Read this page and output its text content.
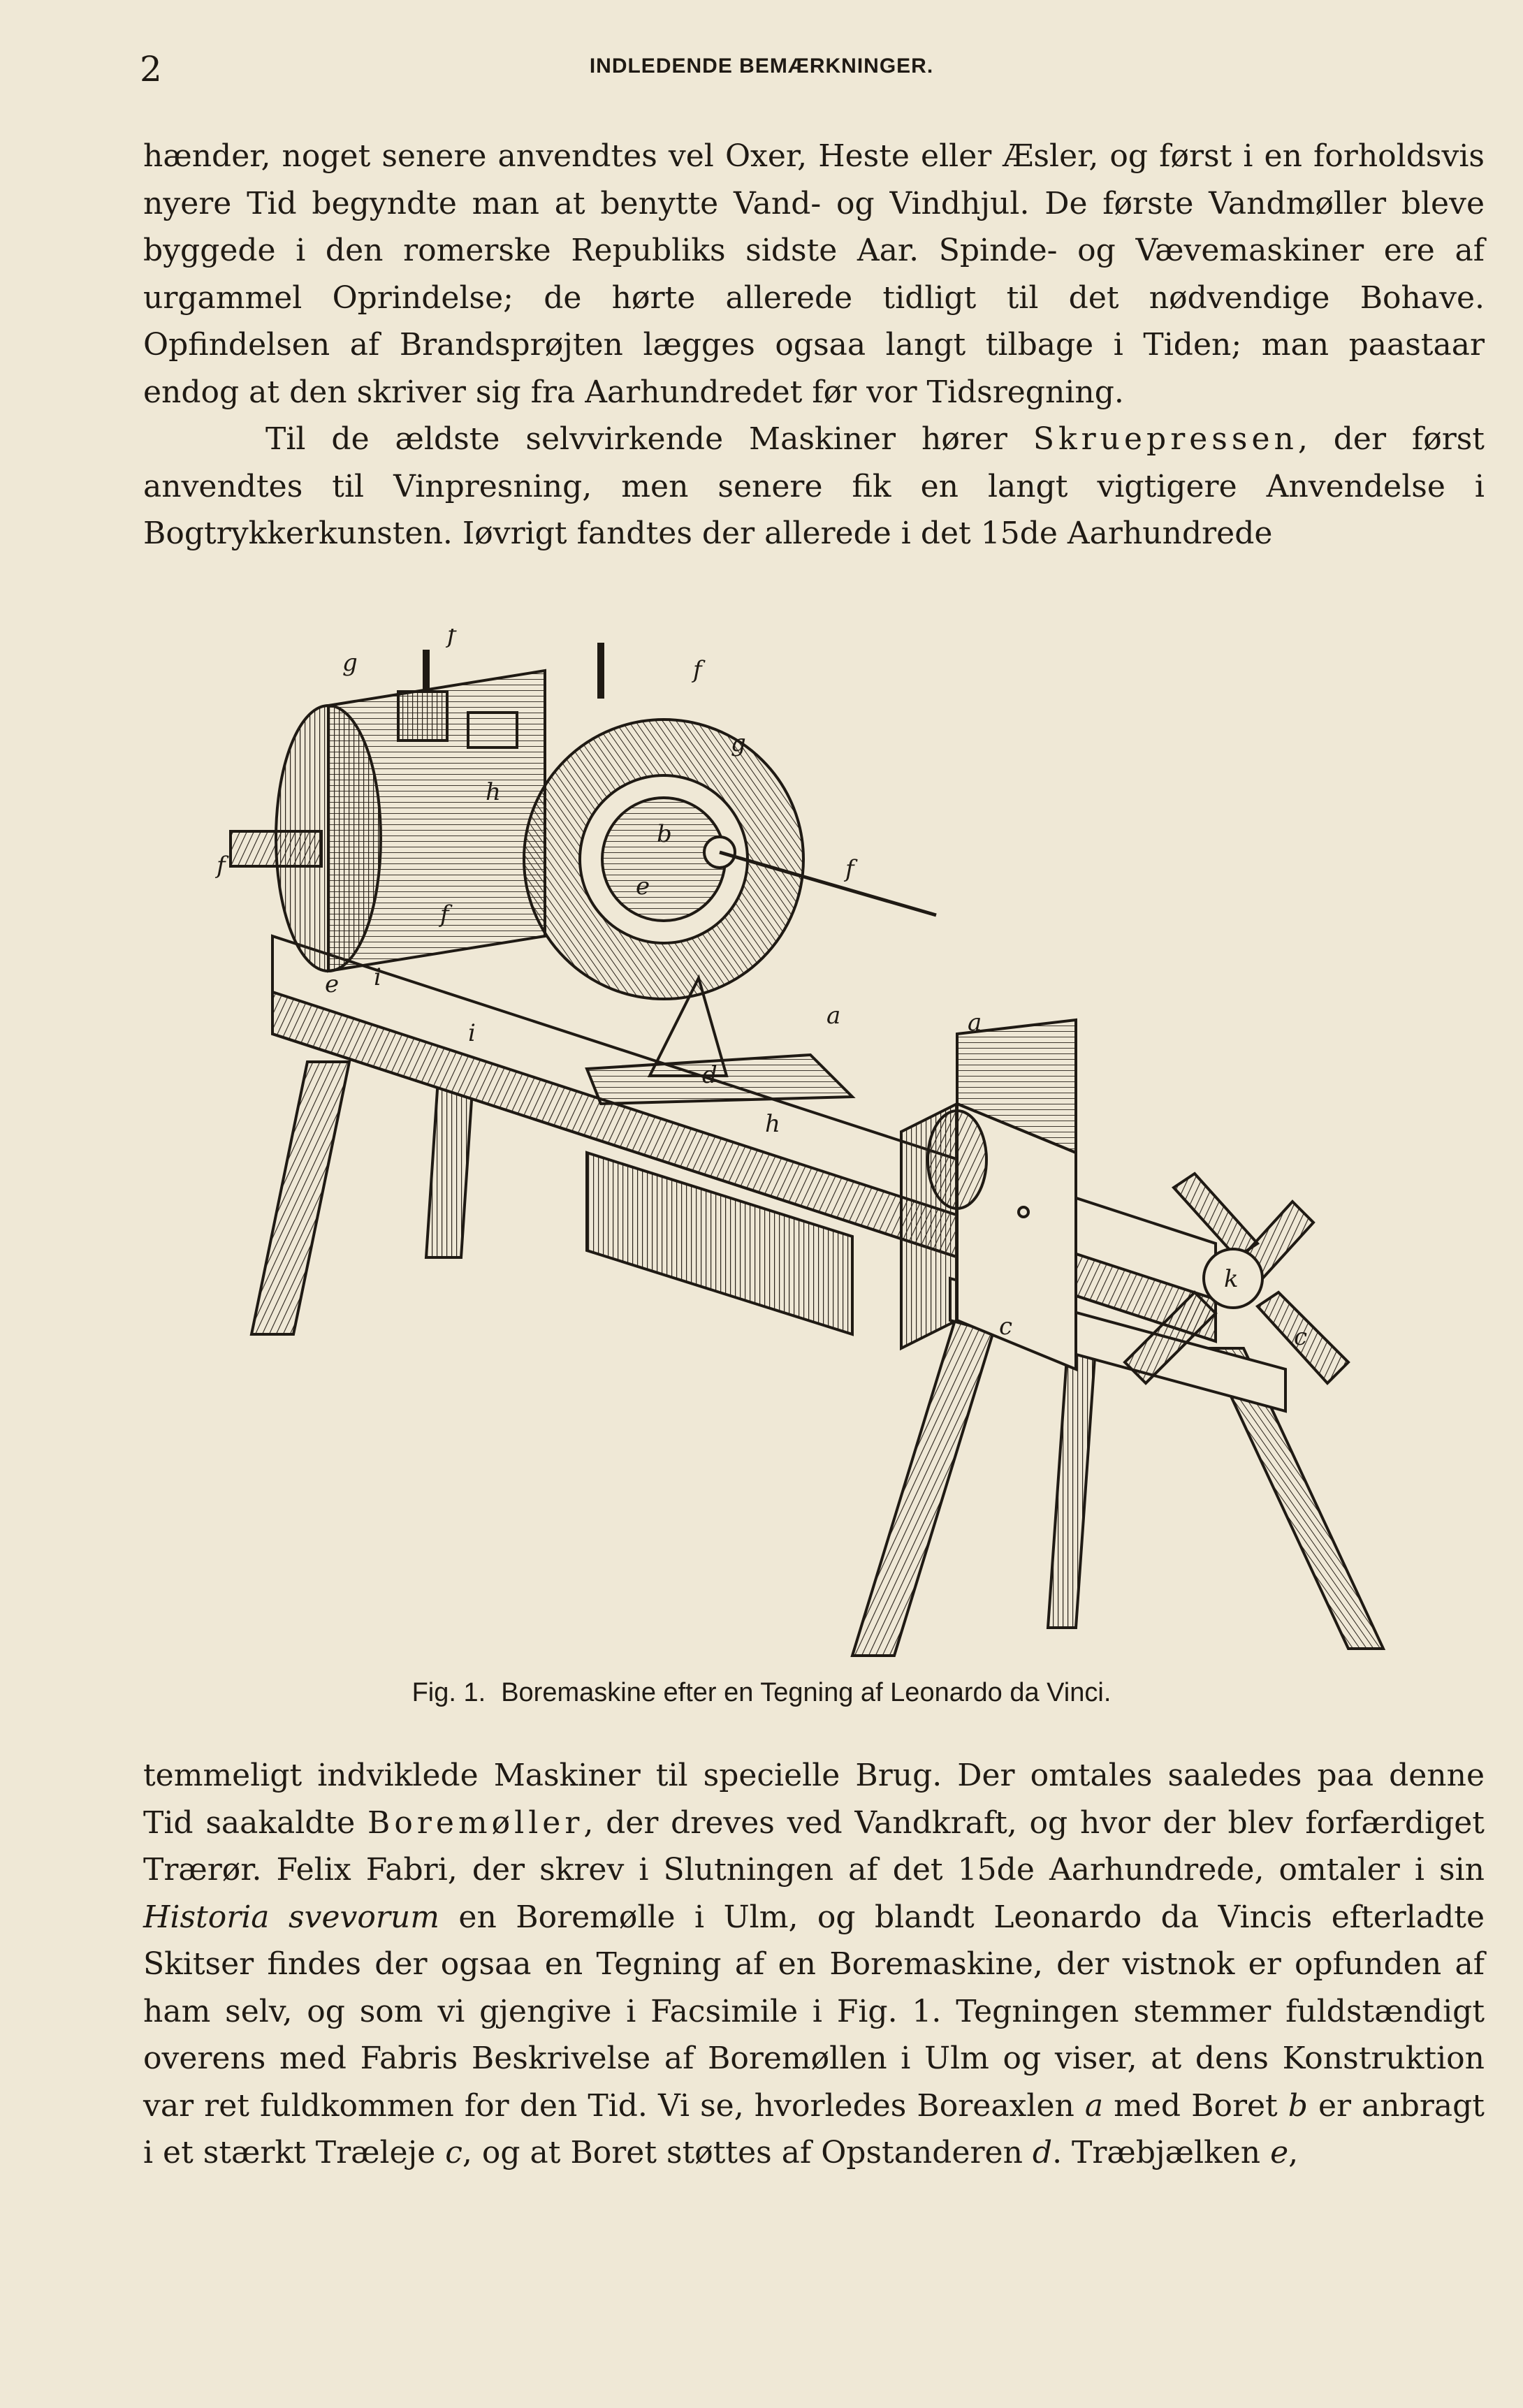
2	INDLEDENDE BEMÆRKNINGER.

hænder, noget senere anvendtes vel Oxer, Heste eller Æsler, og først i en forholdsvis nyere Tid begyndte man at benytte Vand- og Vindhjul. De første Vandmøller bleve byggede i den romerske Republiks sidste Aar. Spinde- og Vævemaskiner ere af urgammel Oprindelse; de hørte allerede tidligt til det nødvendige Bohave. Opfindelsen af Brandsprøjten lægges ogsaa langt tilbage i Tiden; man paastaar endog at den skriver sig fra Aarhundredet før vor Tidsregning.

Til de ældste selvvirkende Maskiner hører Skruepressen, der først anvendtes til Vinpresning, men senere fik en langt vigtigere Anvendelse i Bogtrykkerkunsten. Iøvrigt fandtes der allerede i det 15de Aarhundrede

f
g	f
g
h
f
b
e
f
f
e i
i
a	a
d
h
c	c
k
Fig. 1. Boremaskine efter en Tegning af Leonardo da Vinci.

temmeligt indviklede Maskiner til specielle Brug. Der omtales saaledes paa denne Tid saakaldte Boremøller, der dreves ved Vandkraft, og hvor der blev forfærdiget Trærør. Felix Fabri, der skrev i Slutningen af det 15de Aarhundrede, omtaler i sin Historia svevorum en Boremølle i Ulm, og blandt Leonardo da Vincis efterladte Skitser findes der ogsaa en Tegning af en Boremaskine, der vistnok er opfunden af ham selv, og som vi gjengive i Facsimile i Fig. 1. Tegningen stemmer fuldstændigt overens med Fabris Beskrivelse af Boremøllen i Ulm og viser, at dens Konstruktion var ret fuldkommen for den Tid. Vi se, hvorledes Boreaxlen a med Boret b er anbragt i et stærkt Træleje c, og at Boret støttes af Opstanderen d. Træbjælken e,
